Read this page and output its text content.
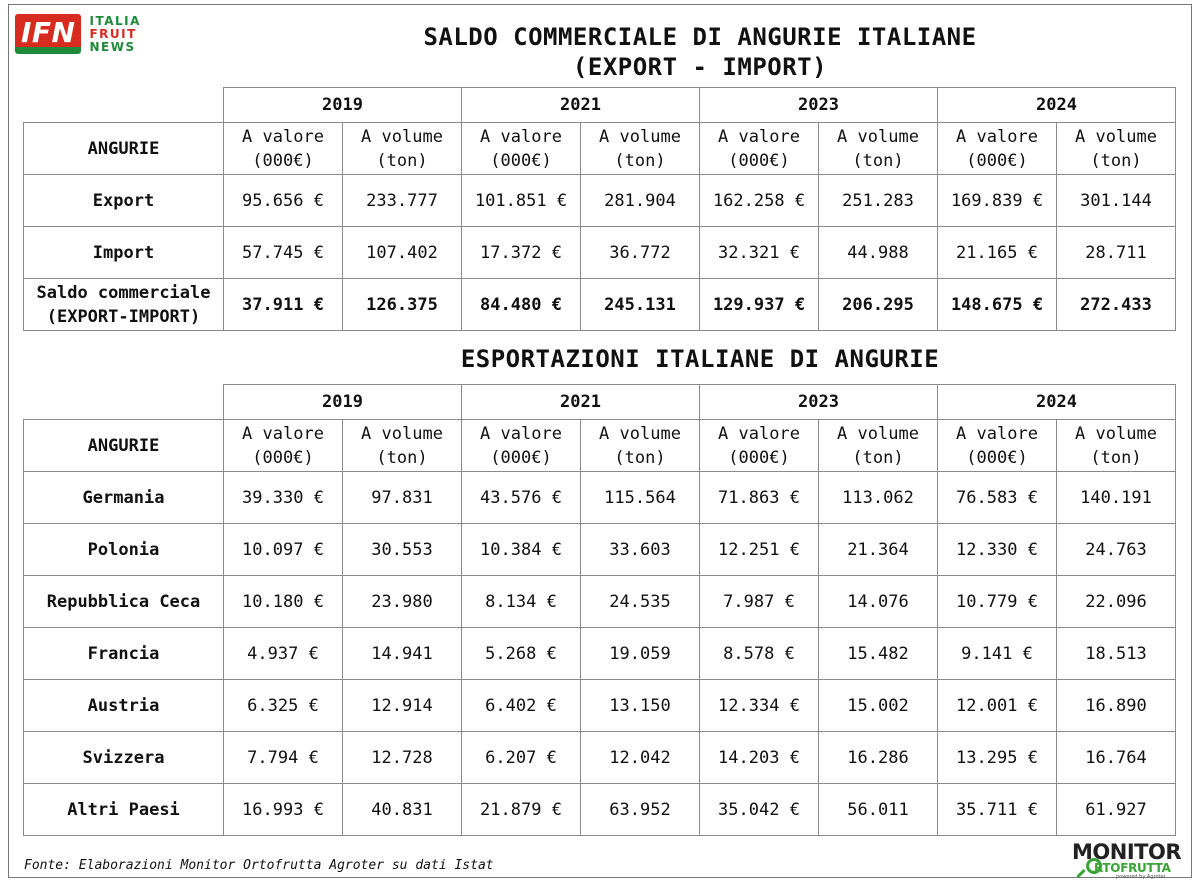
IFN	ITALIA
FRUIT
NEWS	SALDO COMMERCIALE DI ANGURIE ITALIANE
(EXPORT - IMPORT)
	2019		2021		2023		2024	
ANGURIE	A valore (000€)	A volume (ton)	A valore (000€)	A volume (ton)	A valore (000€)	A volume (ton)	A valore (000€)	A volume (ton)
Export	95.656 €	233.777	101.851 €	281.904	162.258 €	251.283	169.839 €	301.144
Import	57.745 €	107.402	17.372 €	36.772	32.321 €	44.988	21.165 €	28.711
Saldo commerciale (EXPORT-IMPORT)	37.911 €	126.375	84.480 €	245.131	129.937 €	206.295	148.675 €	272.433
ESPORTAZIONI ITALIANE DI ANGURIE
	2019		2021		2023		2024	
ANGURIE	A valore (000€)	A volume (ton)	A valore (000€)	A volume (ton)	A valore (000€)	A volume (ton)	A valore (000€)	A volume (ton)
Germania	39.330 €	97.831	43.576 €	115.564	71.863 €	113.062	76.583 €	140.191
Polonia	10.097 €	30.553	10.384 €	33.603	12.251 €	21.364	12.330 €	24.763
Repubblica Ceca	10.180 €	23.980	8.134 €	24.535	7.987 €	14.076	10.779 €	22.096
Francia	4.937 €	14.941	5.268 €	19.059	8.578 €	15.482	9.141 €	18.513
Austria	6.325 €	12.914	6.402 €	13.150	12.334 €	15.002	12.001 €	16.890
Svizzera	7.794 €	12.728	6.207 €	12.042	14.203 €	16.286	13.295 €	16.764
Altri Paesi	16.993 €	40.831	21.879 €	63.952	35.042 €	56.011	35.711 €	61.927
Fonte: Elaborazioni Monitor Ortofrutta Agroter su dati Istat
MONITOR
RTOFRUTTA
powered by Agroter
